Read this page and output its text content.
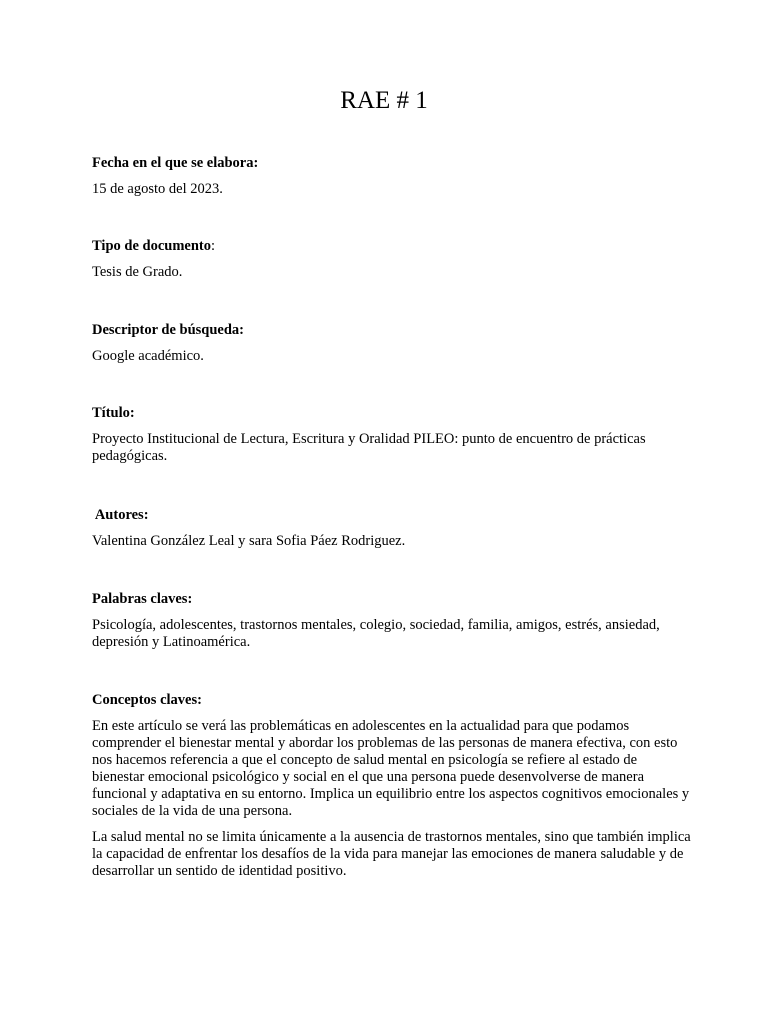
RAE # 1

Fecha en el que se elabora:

15 de agosto del 2023.

Tipo de documento:

Tesis de Grado.

Descriptor de búsqueda:

Google académico.

Título:

Proyecto Institucional de Lectura, Escritura y Oralidad PILEO: punto de encuentro de prácticas pedagógicas.

Autores:

Valentina González Leal y sara Sofia Páez Rodriguez.

Palabras claves:

Psicología, adolescentes, trastornos mentales, colegio, sociedad, familia, amigos, estrés, ansiedad, depresión y Latinoamérica.

Conceptos claves:

En este artículo se verá las problemáticas en adolescentes en la actualidad para que podamos comprender el bienestar mental y abordar los problemas de las personas de manera efectiva, con esto nos hacemos referencia a que el concepto de salud mental en psicología se refiere al estado de bienestar emocional psicológico y social en el que una persona puede desenvolverse de manera funcional y adaptativa en su entorno. Implica un equilibrio entre los aspectos cognitivos emocionales y sociales de la vida de una persona.

La salud mental no se limita únicamente a la ausencia de trastornos mentales, sino que también implica la capacidad de enfrentar los desafíos de la vida para manejar las emociones de manera saludable y de desarrollar un sentido de identidad positivo.
